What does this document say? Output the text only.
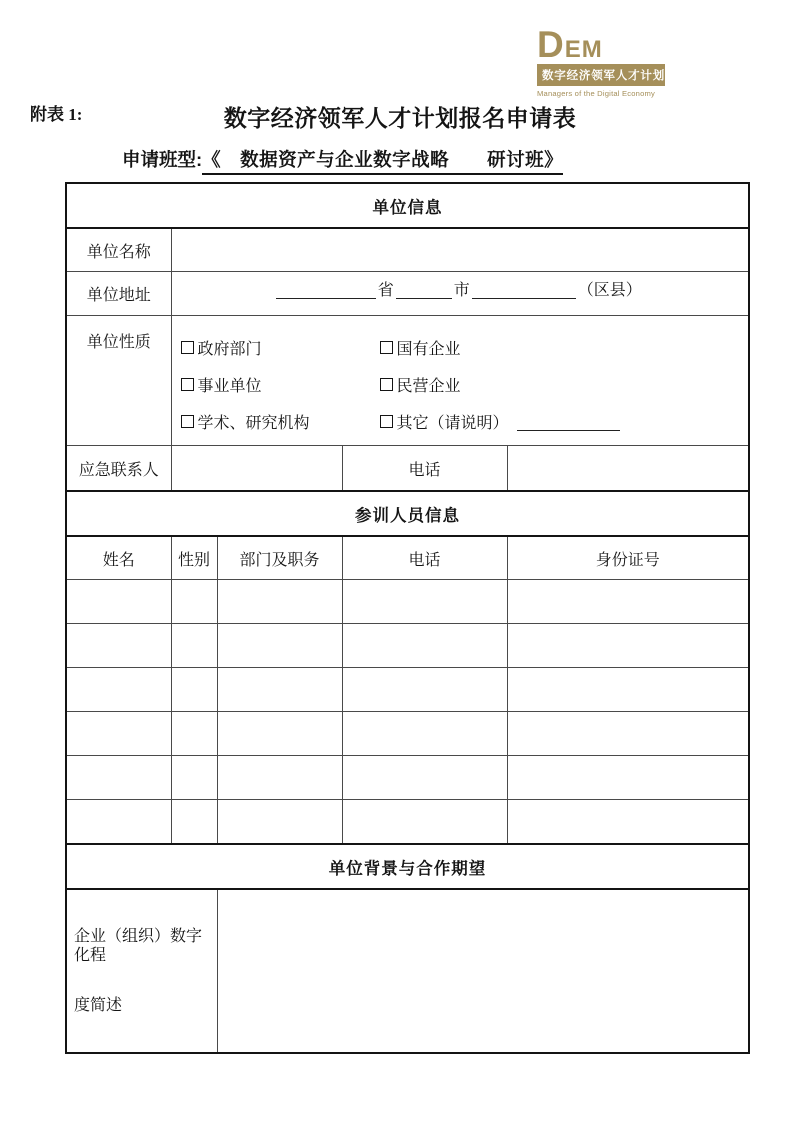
DEM
数字经济领军人才计划
Managers of the Digital Economy
附表 1:	数字经济领军人才计划报名申请表
申请班型:《　数据资产与企业数字战略　　研讨班》
单位信息				
单位名称				
单位地址	省 市 （区县）			

单位性质	政府部门	国有企业
事业单位	民营企业
学术、研究机构	其它（请说明）

应急联系人			电话	
参训人员信息				
姓名	性别	部门及职务	电话	身份证号

单位背景与合作期望				

企业（组织）数字化程
度简述				
